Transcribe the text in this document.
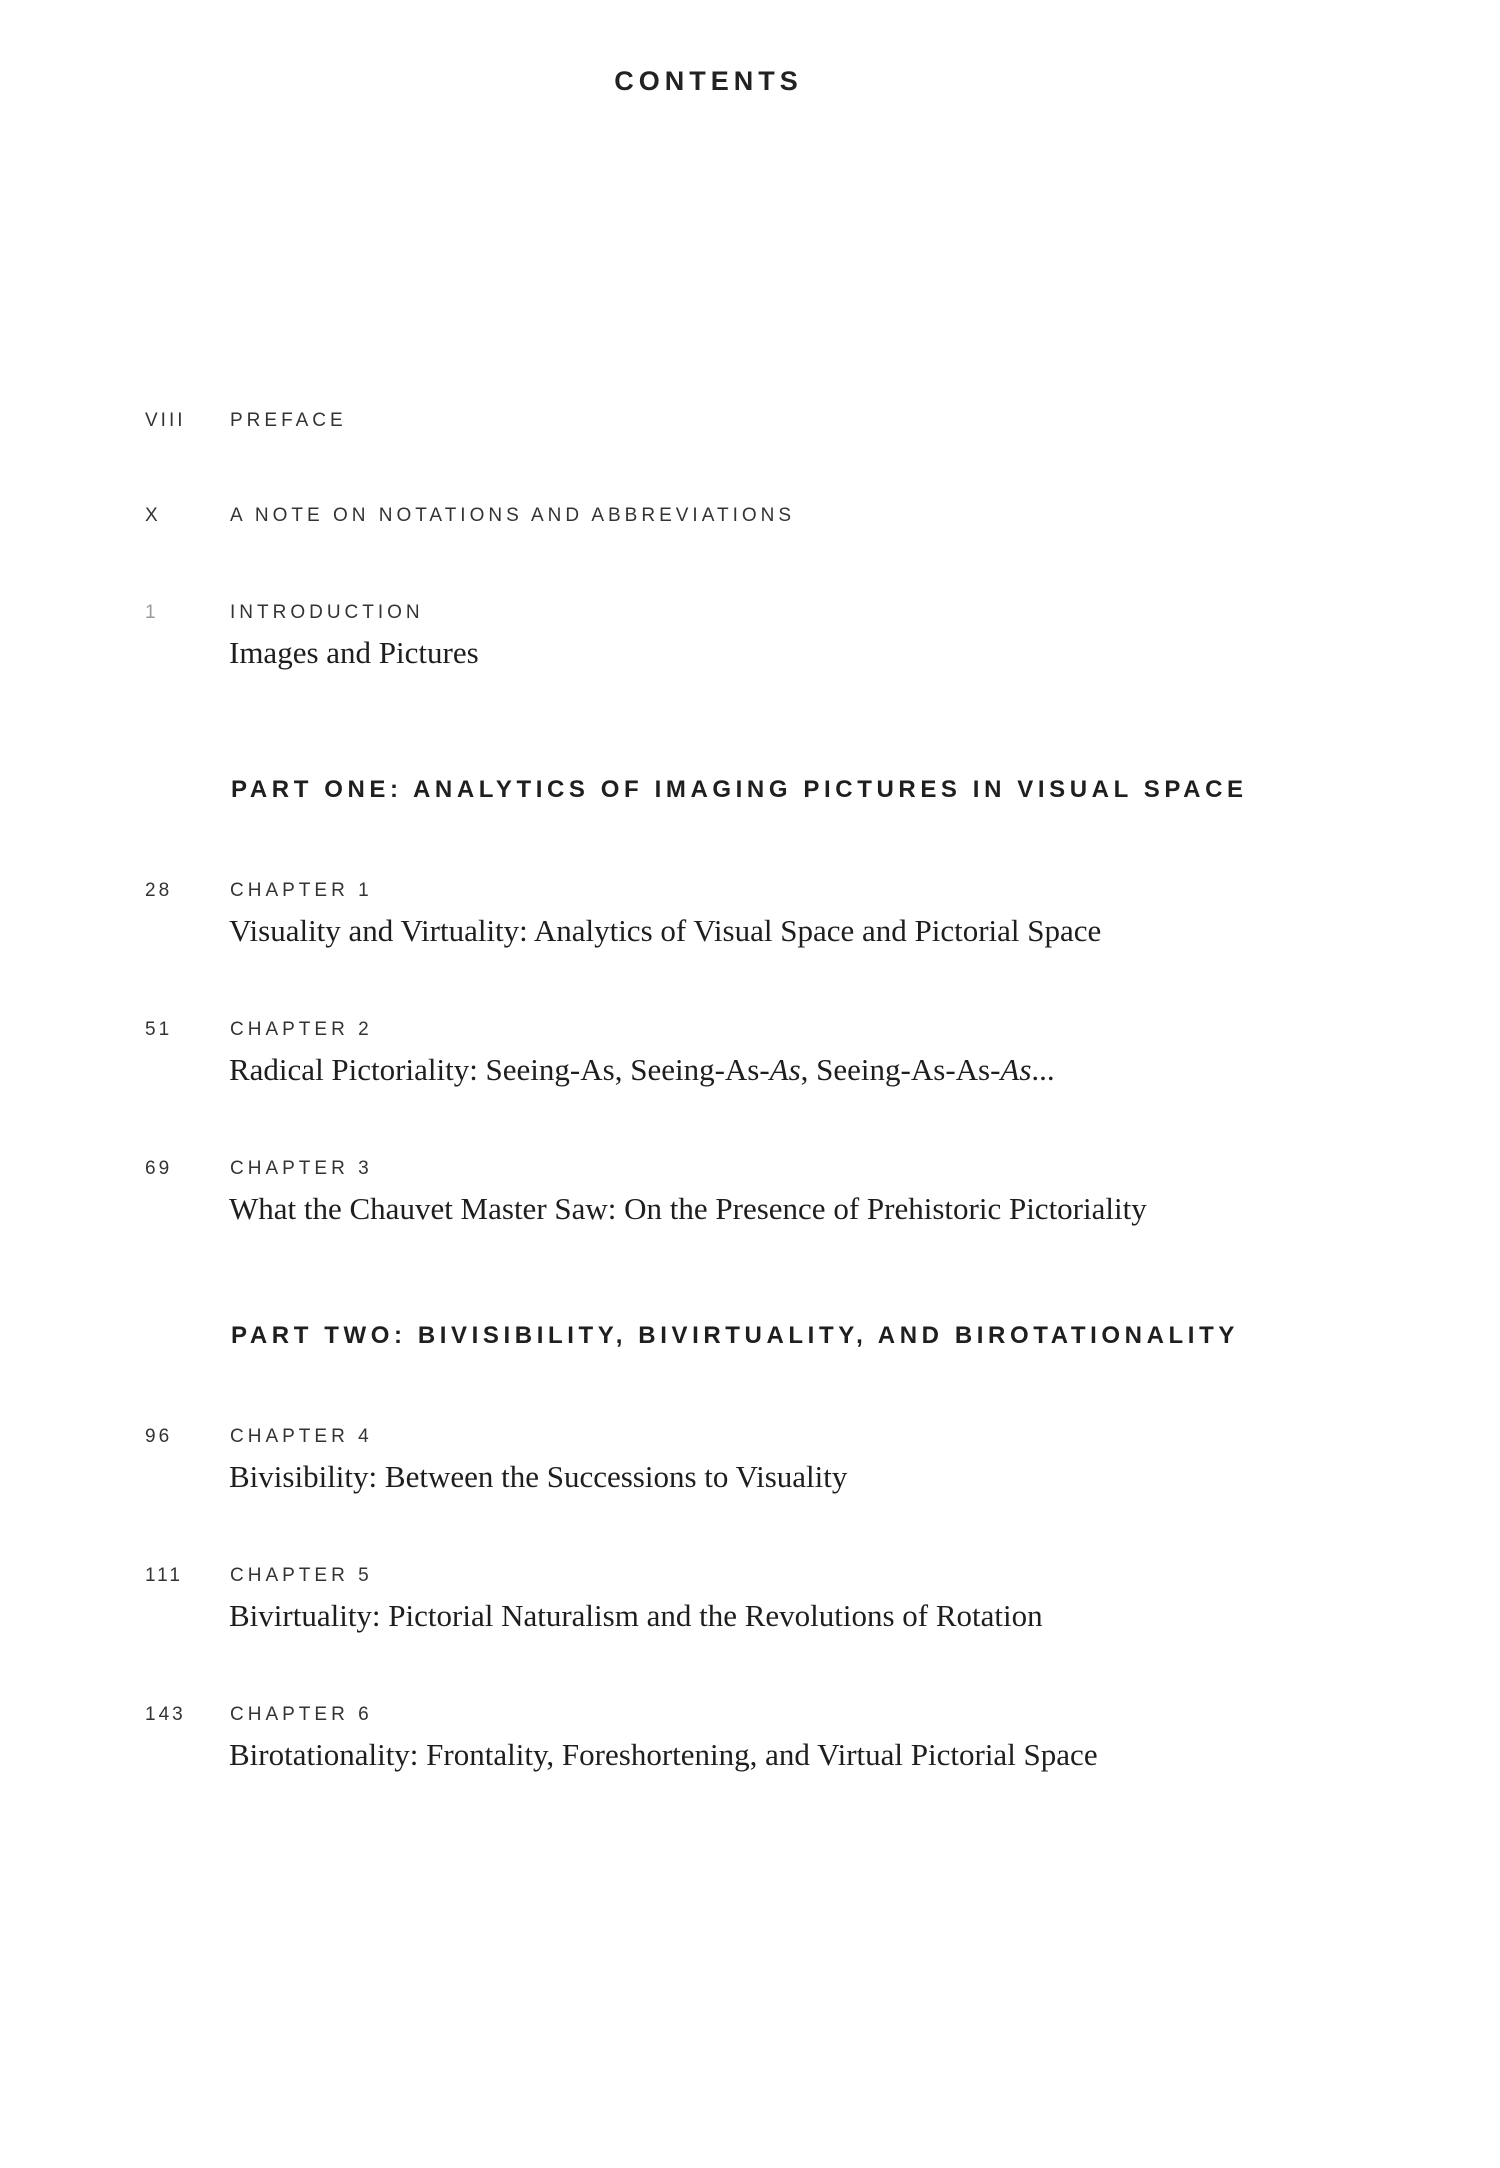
CONTENTS
VIII PREFACE
X	A NOTE ON NOTATIONS AND ABBREVIATIONS
1	INTRODUCTION
Images and Pictures
PART ONE: ANALYTICS OF IMAGING PICTURES IN VISUAL SPACE
28	CHAPTER 1
Visuality and Virtuality: Analytics of Visual Space and Pictorial Space
51	CHAPTER 2
Radical Pictoriality: Seeing-As, Seeing-As-As, Seeing-As-As-As...
69	CHAPTER 3
What the Chauvet Master Saw: On the Presence of Prehistoric Pictoriality
PART TWO: BIVISIBILITY, BIVIRTUALITY, AND BIROTATIONALITY
96	CHAPTER 4
Bivisibility: Between the Successions to Visuality
111 CHAPTER 5
Bivirtuality: Pictorial Naturalism and the Revolutions of Rotation
143 CHAPTER 6
Birotationality: Frontality, Foreshortening, and Virtual Pictorial Space
